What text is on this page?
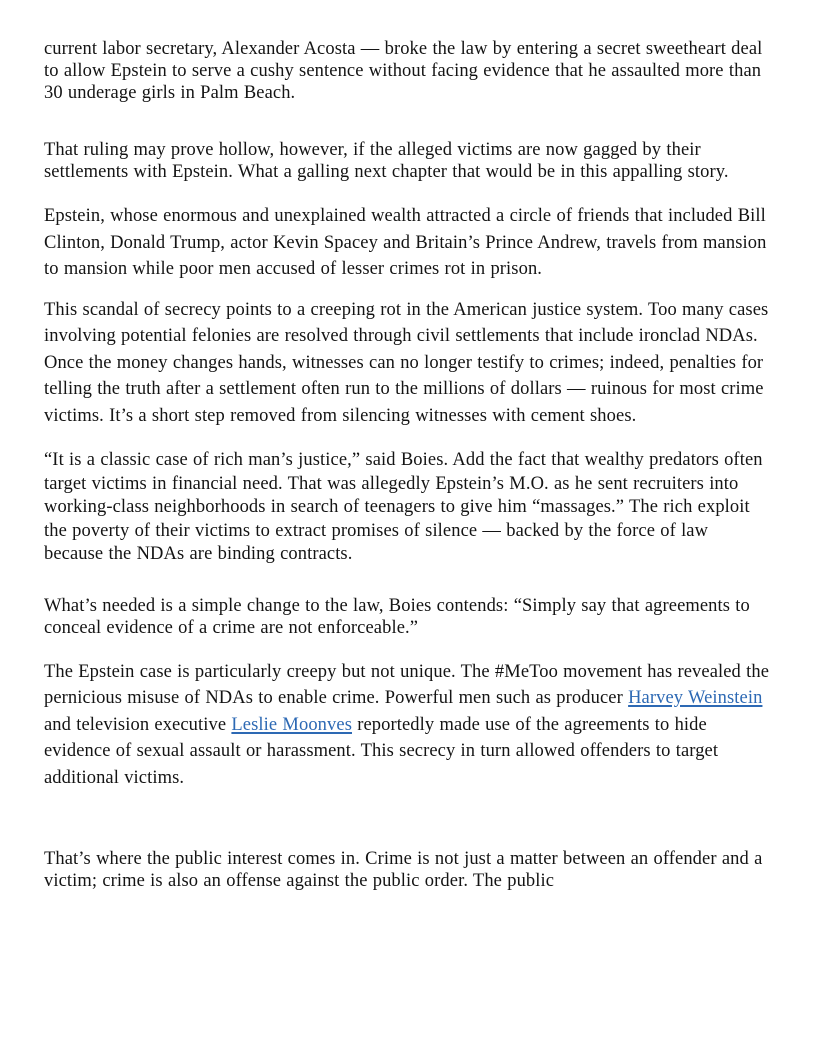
current labor secretary, Alexander Acosta — broke the law by entering a secret sweetheart deal to allow Epstein to serve a cushy sentence without facing evidence that he assaulted more than 30 underage girls in Palm Beach.

That ruling may prove hollow, however, if the alleged victims are now gagged by their settlements with Epstein. What a galling next chapter that would be in this appalling story.

Epstein, whose enormous and unexplained wealth attracted a circle of friends that included Bill Clinton, Donald Trump, actor Kevin Spacey and Britain’s Prince Andrew, travels from mansion to mansion while poor men accused of lesser crimes rot in prison.

This scandal of secrecy points to a creeping rot in the American justice system. Too many cases involving potential felonies are resolved through civil settlements that include ironclad NDAs. Once the money changes hands, witnesses can no longer testify to crimes; indeed, penalties for telling the truth after a settlement often run to the millions of dollars — ruinous for most crime victims. It’s a short step removed from silencing witnesses with cement shoes.

“It is a classic case of rich man’s justice,” said Boies. Add the fact that wealthy predators often target victims in financial need. That was allegedly Epstein’s M.O. as he sent recruiters into working-class neighborhoods in search of teenagers to give him “massages.” The rich exploit the poverty of their victims to extract promises of silence — backed by the force of law because the NDAs are binding contracts.

What’s needed is a simple change to the law, Boies contends: “Simply say that agreements to conceal evidence of a crime are not enforceable.”

The Epstein case is particularly creepy but not unique. The #MeToo movement has revealed the pernicious misuse of NDAs to enable crime. Powerful men such as producer Harvey Weinstein and television executive Leslie Moonves reportedly made use of the agreements to hide evidence of sexual assault or harassment. This secrecy in turn allowed offenders to target additional victims.

That’s where the public interest comes in. Crime is not just a matter between an offender and a victim; crime is also an offense against the public order. The public
